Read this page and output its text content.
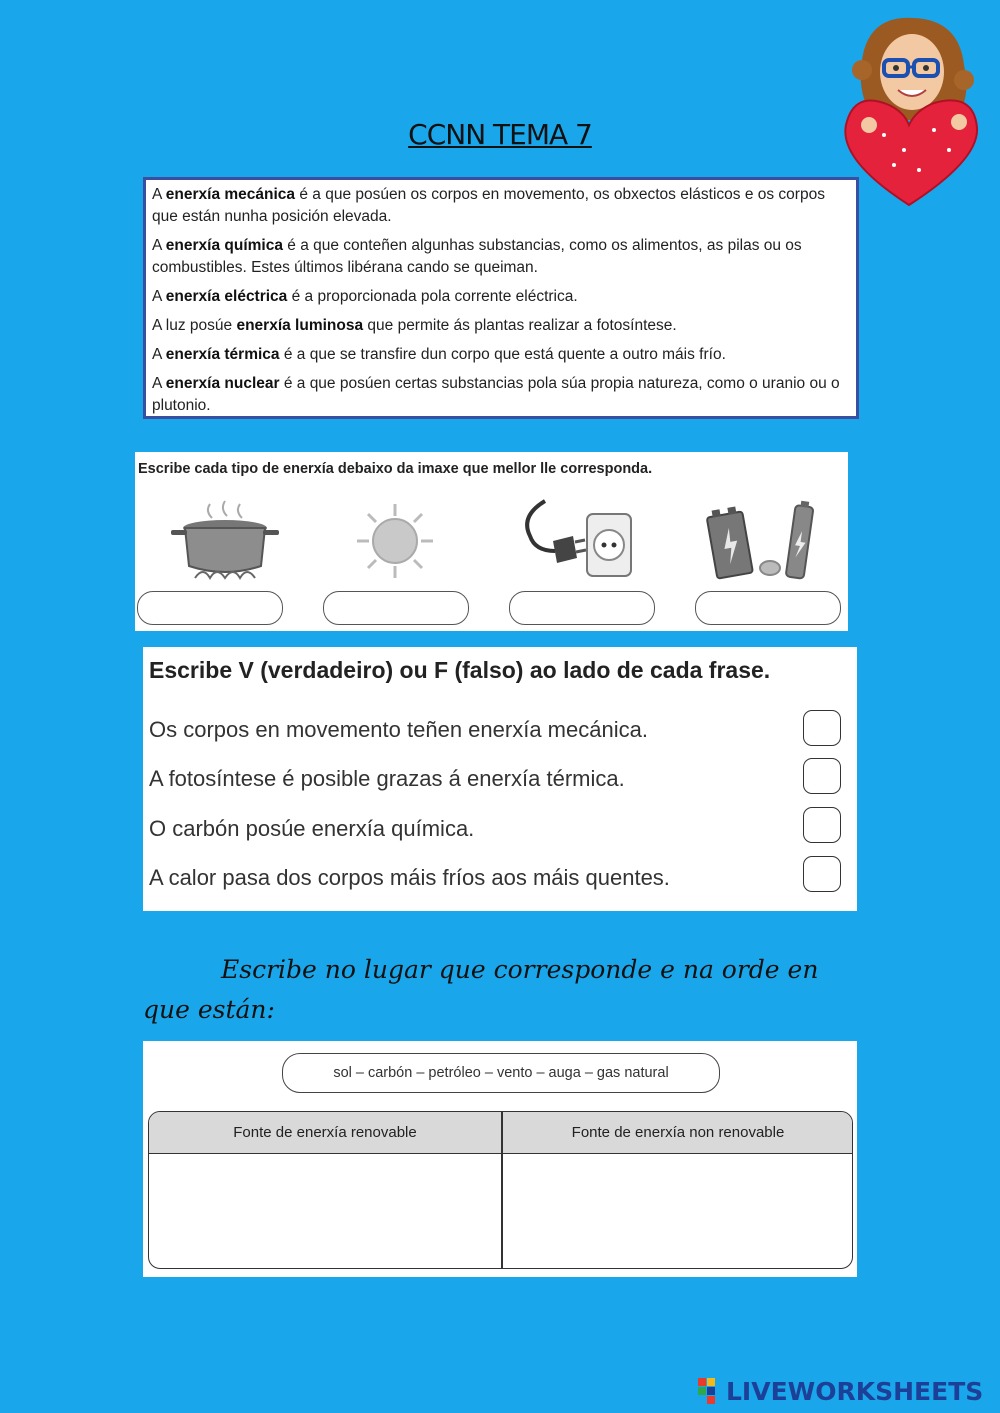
CCNN TEMA 7

A enerxía mecánica é a que posúen os corpos en movemento, os obxectos elásticos e os corpos que están nunha posición elevada.

A enerxía química é a que conteñen algunhas substancias, como os alimentos, as pilas ou os combustibles. Estes últimos libérana cando se queiman.

A enerxía eléctrica é a proporcionada pola corrente eléctrica.

A luz posúe enerxía luminosa que permite ás plantas realizar a fotosíntese.

A enerxía térmica é a que se transfire dun corpo que está quente a outro máis frío.

A enerxía nuclear é a que posúen certas substancias pola súa propia natureza, como o uranio ou o plutonio.

Escribe cada tipo de enerxía debaixo da imaxe que mellor lle corresponda.
Escribe V (verdadeiro) ou F (falso) ao lado de cada frase.
Os corpos en movemento teñen enerxía mecánica.
A fotosíntese é posible grazas á enerxía térmica.
O carbón posúe enerxía química.
A calor pasa dos corpos máis fríos aos máis quentes.
Escribe no lugar que corresponde e na orde en que están:
sol – carbón – petróleo – vento – auga – gas natural
Fonte de enerxía renovable	Fonte de enerxía non renovable
LIVEWORKSHEETS
